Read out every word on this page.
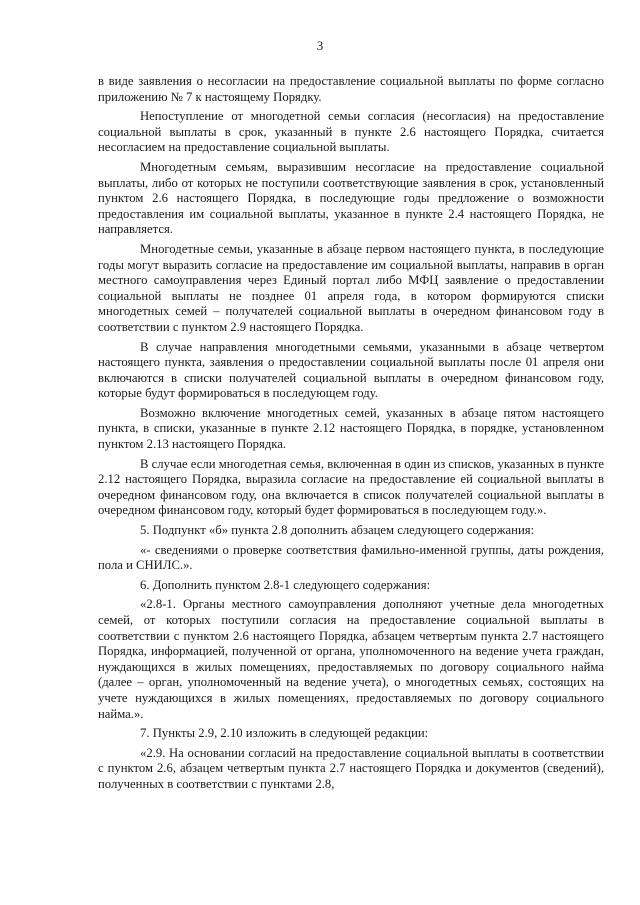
3

в виде заявления о несогласии на предоставление социальной выплаты по форме согласно приложению № 7 к настоящему Порядку.

Непоступление от многодетной семьи согласия (несогласия) на предоставление социальной выплаты в срок, указанный в пункте 2.6 настоящего Порядка, считается несогласием на предоставление социальной выплаты.

Многодетным семьям, выразившим несогласие на предоставление социальной выплаты, либо от которых не поступили соответствующие заявления в срок, установленный пунктом 2.6 настоящего Порядка, в последующие годы предложение о возможности предоставления им социальной выплаты, указанное в пункте 2.4 настоящего Порядка, не направляется.

Многодетные семьи, указанные в абзаце первом настоящего пункта, в последующие годы могут выразить согласие на предоставление им социальной выплаты, направив в орган местного самоуправления через Единый портал либо МФЦ заявление о предоставлении социальной выплаты не позднее 01 апреля года, в котором формируются списки многодетных семей – получателей социальной выплаты в очередном финансовом году в соответствии с пунктом 2.9 настоящего Порядка.

В случае направления многодетными семьями, указанными в абзаце четвертом настоящего пункта, заявления о предоставлении социальной выплаты после 01 апреля они включаются в списки получателей социальной выплаты в очередном финансовом году, которые будут формироваться в последующем году.

Возможно включение многодетных семей, указанных в абзаце пятом настоящего пункта, в списки, указанные в пункте 2.12 настоящего Порядка, в порядке, установленном пунктом 2.13 настоящего Порядка.

В случае если многодетная семья, включенная в один из списков, указанных в пункте 2.12 настоящего Порядка, выразила согласие на предоставление ей социальной выплаты в очередном финансовом году, она включается в список получателей социальной выплаты в очередном финансовом году, который будет формироваться в последующем году.».

5. Подпункт «б» пункта 2.8 дополнить абзацем следующего содержания:

«- сведениями о проверке соответствия фамильно-именной группы, даты рождения, пола и СНИЛС.».

6. Дополнить пунктом 2.8-1 следующего содержания:

«2.8-1. Органы местного самоуправления дополняют учетные дела многодетных семей, от которых поступили согласия на предоставление социальной выплаты в соответствии с пунктом 2.6 настоящего Порядка, абзацем четвертым пункта 2.7 настоящего Порядка, информацией, полученной от органа, уполномоченного на ведение учета граждан, нуждающихся в жилых помещениях, предоставляемых по договору социального найма (далее – орган, уполномоченный на ведение учета), о многодетных семьях, состоящих на учете нуждающихся в жилых помещениях, предоставляемых по договору социального найма.».

7. Пункты 2.9, 2.10 изложить в следующей редакции:

«2.9. На основании согласий на предоставление социальной выплаты в соответствии с пунктом 2.6, абзацем четвертым пункта 2.7 настоящего Порядка и документов (сведений), полученных в соответствии с пунктами 2.8,
